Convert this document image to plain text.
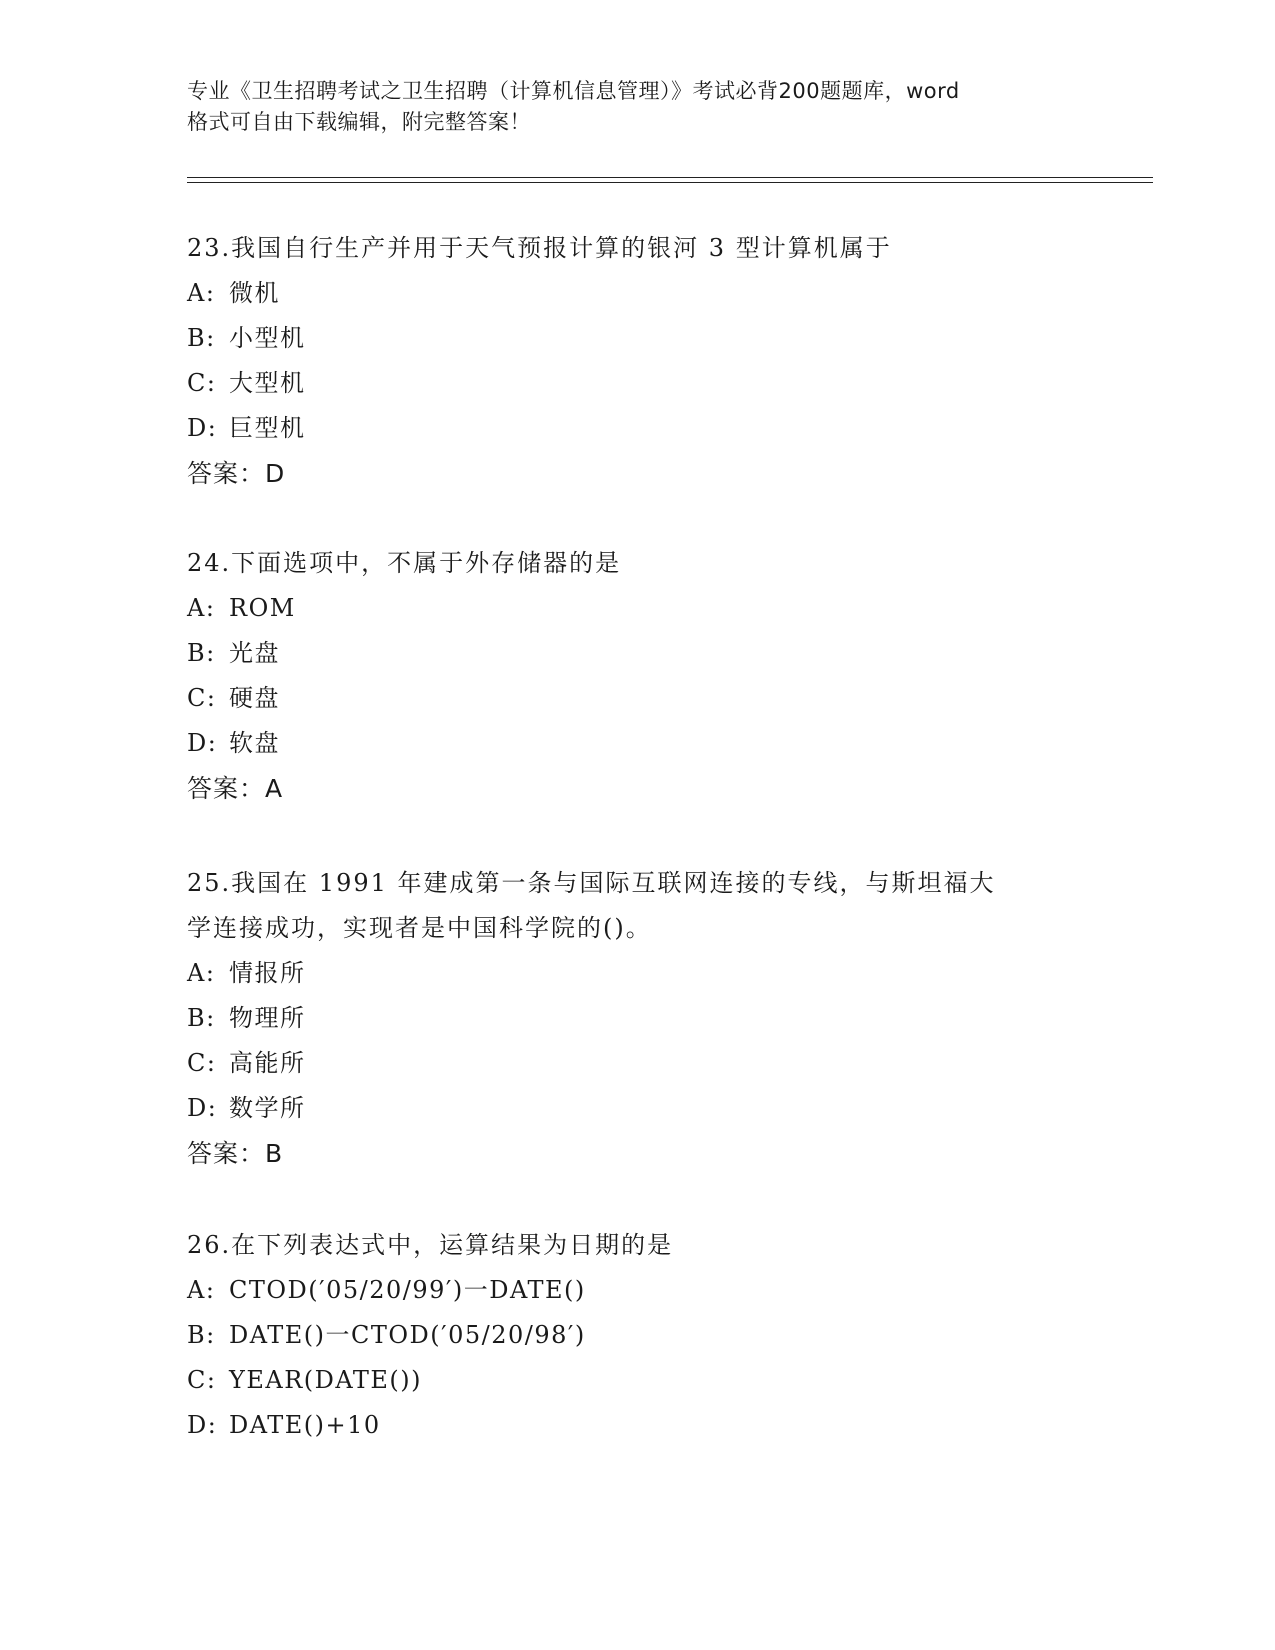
专业《卫生招聘考试之卫生招聘（计算机信息管理）》考试必背200题题库，word
格式可自由下载编辑，附完整答案！
23.我国自行生产并用于天气预报计算的银河 3 型计算机属于
A: 微机
B: 小型机
C: 大型机
D: 巨型机
答案：D
24.下面选项中，不属于外存储器的是
A: ROM
B: 光盘
C: 硬盘
D: 软盘
答案：A
25.我国在 1991 年建成第一条与国际互联网连接的专线，与斯坦福大
学连接成功，实现者是中国科学院的()。
A: 情报所
B: 物理所
C: 高能所
D: 数学所
答案：B
26.在下列表达式中，运算结果为日期的是
A: CTOD(′05/20/99′)一DATE()
B: DATE()一CTOD(′05/20/98′)
C: YEAR(DATE())
D: DATE()+10
